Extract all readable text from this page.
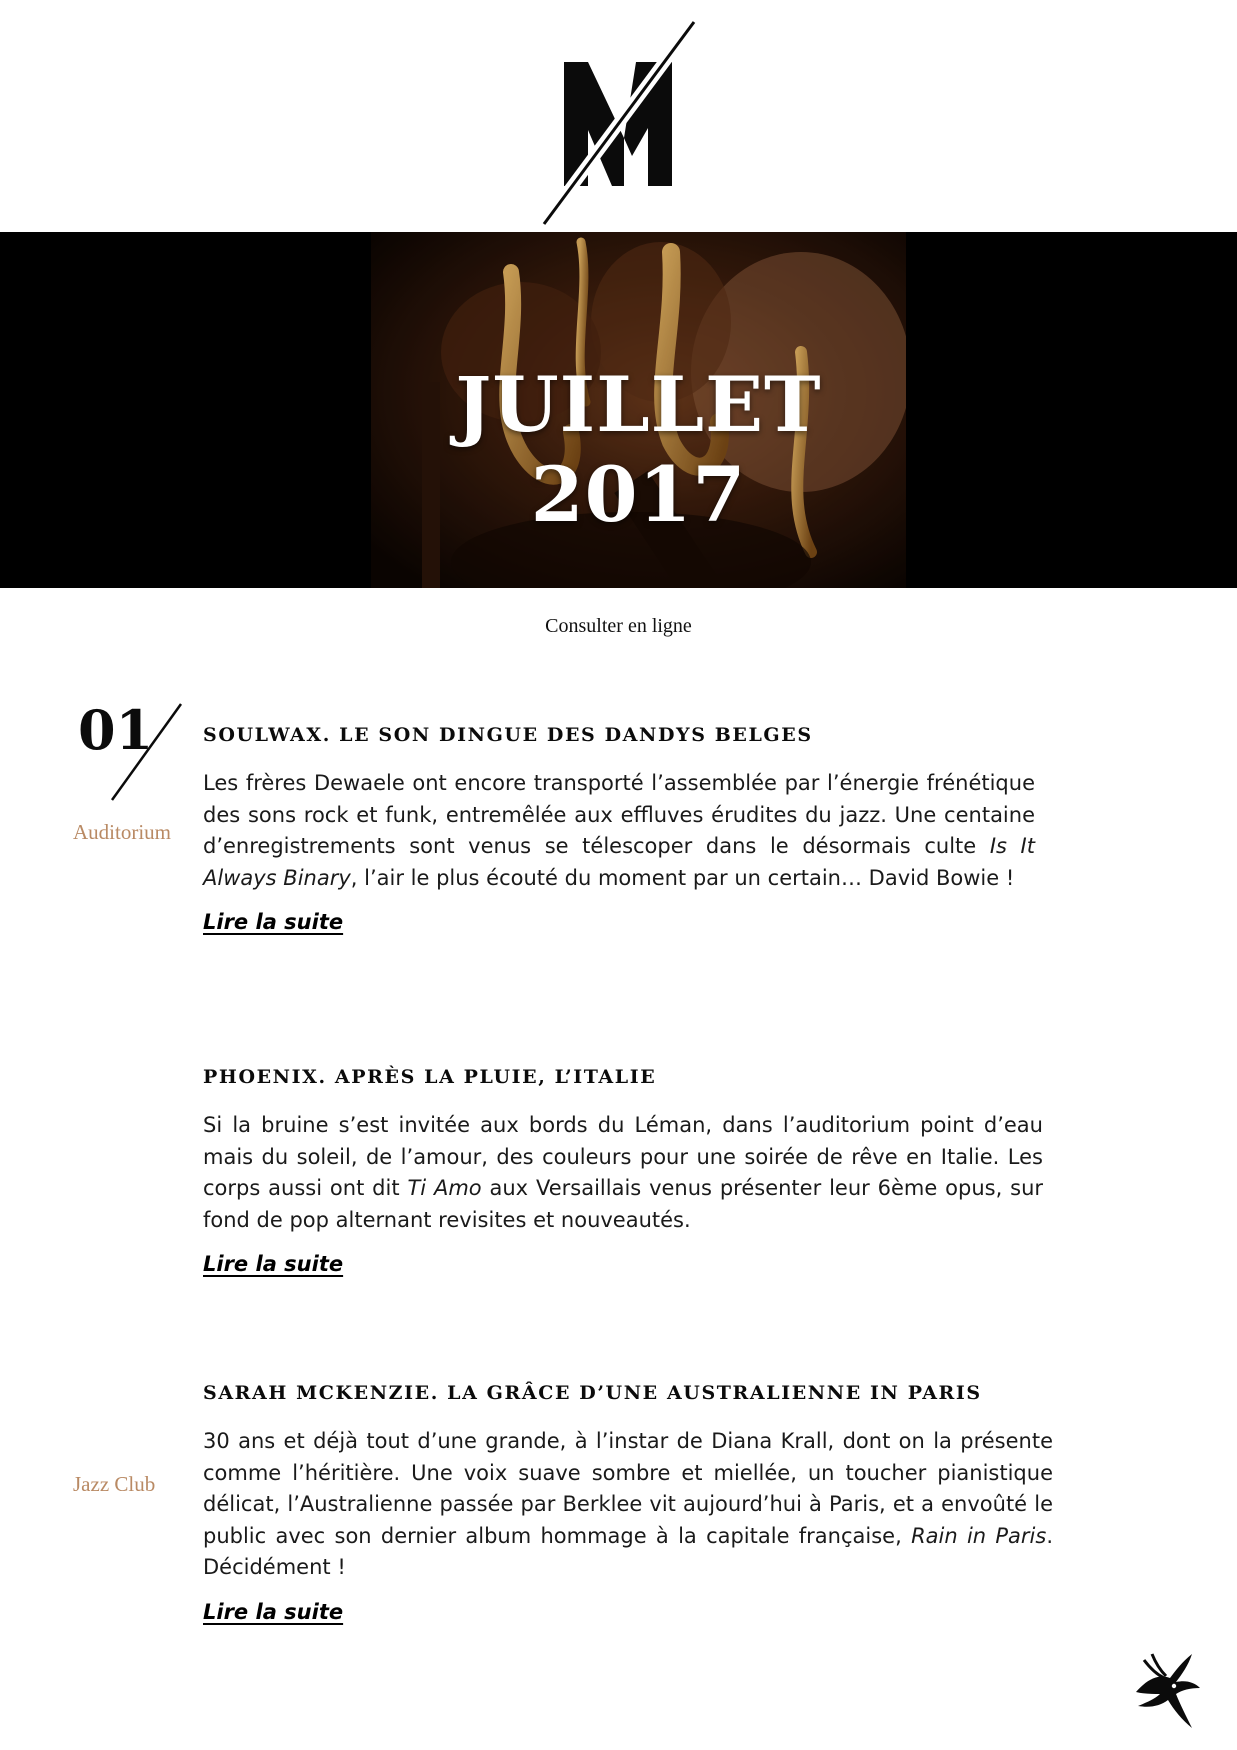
JUILLET 2017
Consulter en ligne
01
Auditorium
Jazz Club
SOULWAX. LE SON DINGUE DES DANDYS BELGES

Les frères Dewaele ont encore transporté l’assemblée par l’énergie frénétique des sons rock et funk, entremêlée aux effluves érudites du jazz. Une centaine d’enregistrements sont venus se télescoper dans le désormais culte Is It Always Binary, l’air le plus écouté du moment par un certain… David Bowie !

Lire la suite
PHOENIX. APRÈS LA PLUIE, L’ITALIE

Si la bruine s’est invitée aux bords du Léman, dans l’auditorium point d’eau mais du soleil, de l’amour, des couleurs pour une soirée de rêve en Italie. Les corps aussi ont dit Ti Amo aux Versaillais venus présenter leur 6ème opus, sur fond de pop alternant revisites et nouveautés.

Lire la suite
SARAH MCKENZIE. LA GRÂCE D’UNE AUSTRALIENNE IN PARIS

30 ans et déjà tout d’une grande, à l’instar de Diana Krall, dont on la présente comme l’héritière. Une voix suave sombre et miellée, un toucher pianistique délicat, l’Australienne passée par Berklee vit aujourd’hui à Paris, et a envoûté le public avec son dernier album hommage à la capitale française, Rain in Paris. Décidément !

Lire la suite
